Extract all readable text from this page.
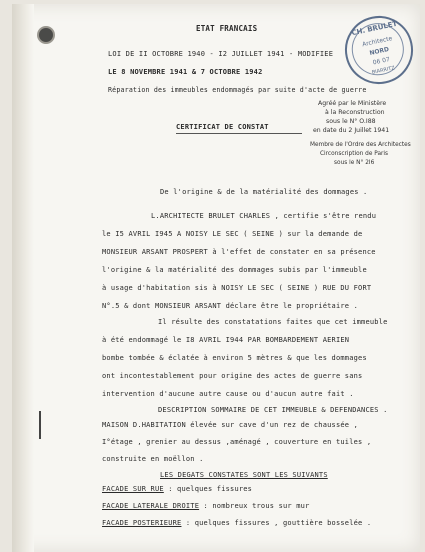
ETAT FRANCAIS
LOI DE II OCTOBRE 1940 - I2 JUILLET 1941 - MODIFIEE
LE 8 NOVEMBRE 1941 & 7 OCTOBRE 1942
Réparation des immeubles endommagés par suite d'acte de guerre
CERTIFICAT DE CONSTAT
CH. BRULET
Architecte
NORD
06 07
BIARRITZ
Agréé par le Ministère
à la Reconstruction
sous le N° O.I88
en date du 2 Juillet 1941
Membre de l'Ordre des Architectes
Circonscription de Paris
sous le N° 2I6
De l'origine & de la matérialité des dommages .
L.ARCHITECTE BRULET CHARLES , certifie s'être rendu
le I5 AVRIL I945 A NOISY LE SEC ( SEINE ) sur la demande de
MONSIEUR ARSANT PROSPERT à l'effet de constater en sa présence
l'origine & la matérialité des dommages subis par l'immeuble
à usage d'habitation sis à NOISY LE SEC ( SEINE ) RUE DU FORT
N°.5 & dont MONSIEUR ARSANT déclare être le propriétaire .
Il résulte des constatations faites que cet immeuble
à été endommagé le I8 AVRIL I944 PAR BOMBARDEMENT AERIEN
bombe tombée & éclatée à environ 5 mètres & que les dommages
ont incontestablement pour origine des actes de guerre sans
intervention d'aucune autre cause ou d'aucun autre fait .
DESCRIPTION SOMMAIRE DE CET IMMEUBLE & DEFENDANCES .
MAISON D.HABITATION élevée sur cave d'un rez de chaussée ,
I°étage , grenier au dessus ,aménagé , couverture en tuiles ,
construite en moëllon .
LES DEGATS CONSTATES SONT LES SUIVANTS
FACADE SUR RUE : quelques fissures
FACADE LATERALE DROITE : nombreux trous sur mur
FACADE POSTERIEURE : quelques fissures , gouttière bosselée .
